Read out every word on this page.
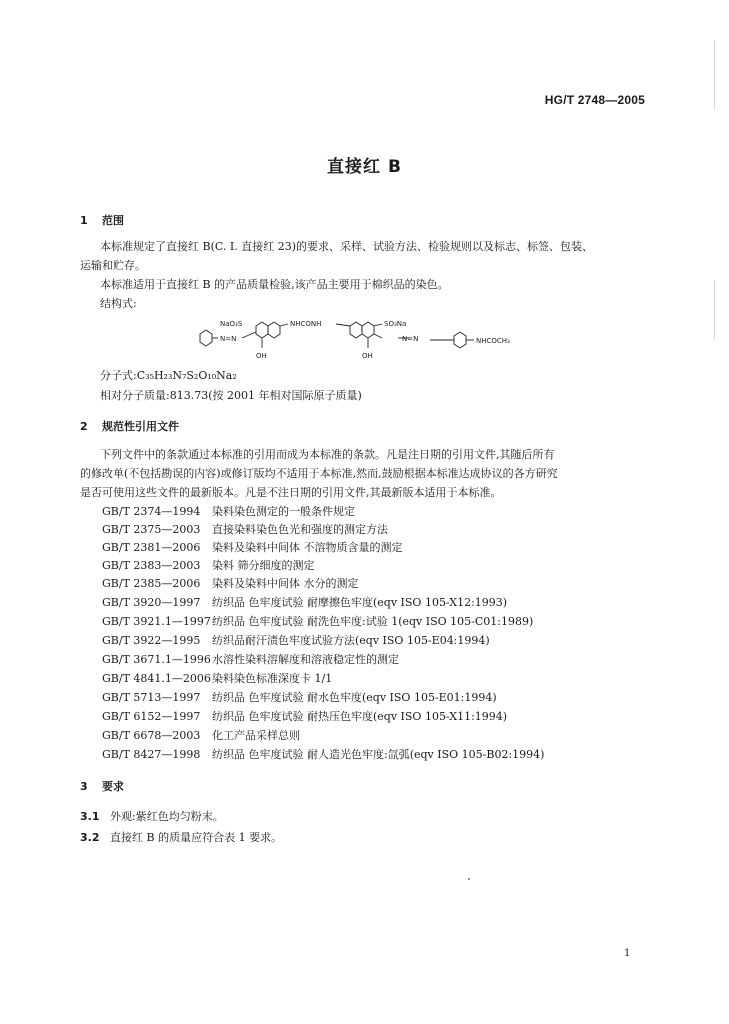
HG/T 2748—2005
直接红 B
1 范围
本标准规定了直接红 B(C. I. 直接红 23)的要求、采样、试验方法、检验规则以及标志、标签、包装、
运输和贮存。
本标准适用于直接红 B 的产品质量检验,该产品主要用于棉织品的染色。
结构式:
NaO₃S
N=N
OH
NHCONH	SO₃Na
N=N
OH
NHCOCH₃
分子式:C₃₅H₂₃N₇S₂O₁₀Na₂
相对分子质量:813.73(按 2001 年相对国际原子质量)
2 规范性引用文件
下列文件中的条款通过本标准的引用而成为本标准的条款。凡是注日期的引用文件,其随后所有
的修改单(不包括勘误的内容)或修订版均不适用于本标准,然而,鼓励根据本标准达成协议的各方研究
是否可使用这些文件的最新版本。凡是不注日期的引用文件,其最新版本适用于本标准。
GB/T 2374—1994 染料染色测定的一般条件规定
GB/T 2375—2003 直接染料染色色光和强度的测定方法
GB/T 2381—2006 染料及染料中间体 不溶物质含量的测定
GB/T 2383—2003 染料 筛分细度的测定
GB/T 2385—2006 染料及染料中间体 水分的测定
GB/T 3920—1997 纺织品 色牢度试验 耐摩擦色牢度(eqv ISO 105-X12:1993)
GB/T 3921.1—1997纺织品 色牢度试验 耐洗色牢度:试验 1(eqv ISO 105-C01:1989)
GB/T 3922—1995 纺织品耐汗渍色牢度试验方法(eqv ISO 105-E04:1994)
GB/T 3671.1—1996水溶性染料溶解度和溶液稳定性的测定
GB/T 4841.1—2006染料染色标准深度卡 1/1
GB/T 5713—1997 纺织品 色牢度试验 耐水色牢度(eqv ISO 105-E01:1994)
GB/T 6152—1997 纺织品 色牢度试验 耐热压色牢度(eqv ISO 105-X11:1994)
GB/T 6678—2003 化工产品采样总则
GB/T 8427—1998 纺织品 色牢度试验 耐人造光色牢度:氙弧(eqv ISO 105-B02:1994)
3 要求
3.1 外观:紫红色均匀粉末。
3.2 直接红 B 的质量应符合表 1 要求。
1
